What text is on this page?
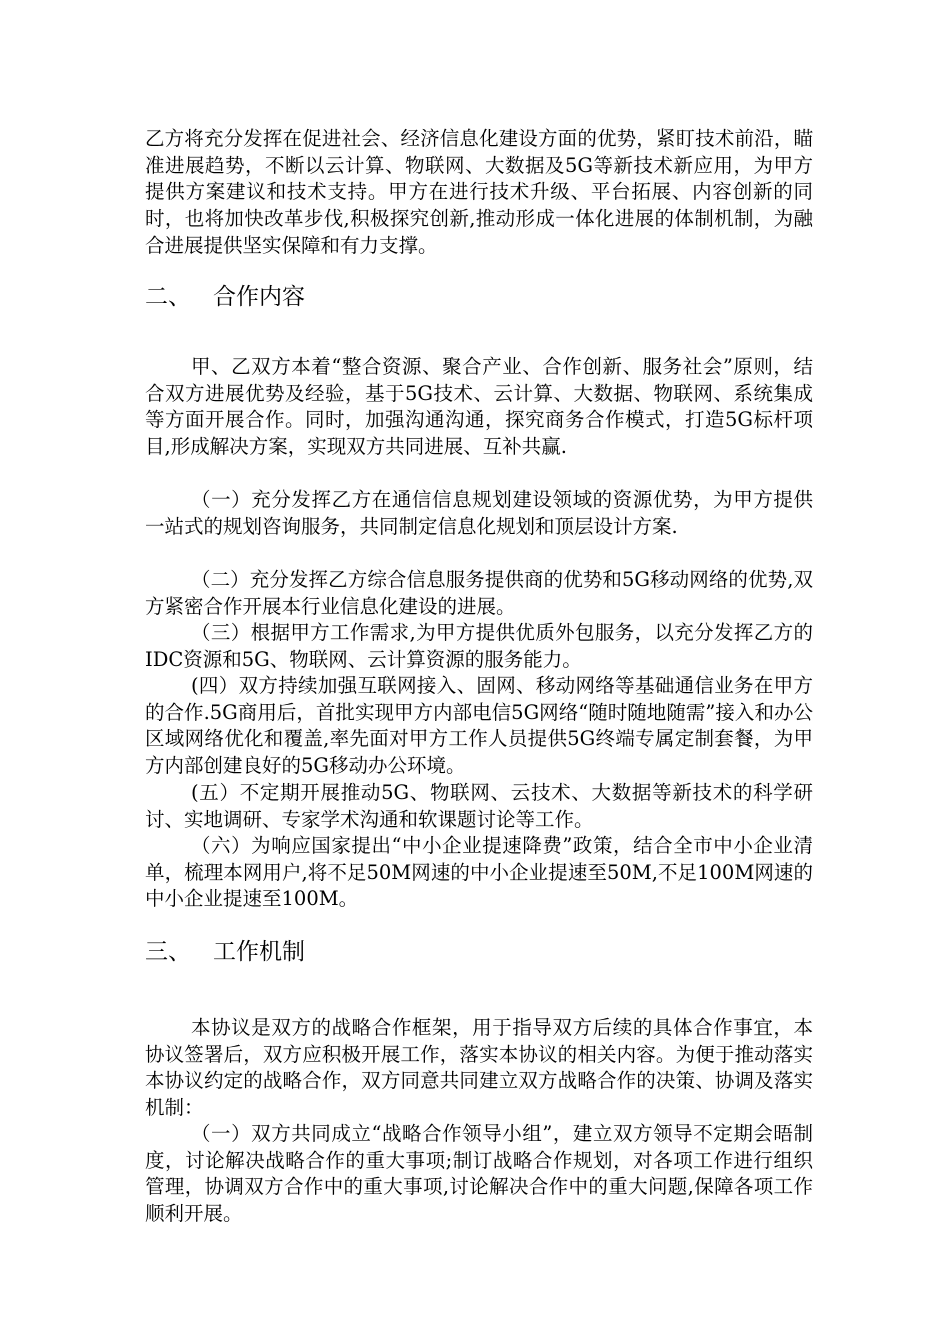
乙方将充分发挥在促进社会、经济信息化建设方面的优势，紧盯技术前沿，瞄准进展趋势，不断以云计算、物联网、大数据及5G等新技术新应用，为甲方提供方案建议和技术支持。甲方在进行技术升级、平台拓展、内容创新的同时，也将加快改革步伐,积极探究创新,推动形成一体化进展的体制机制，为融合进展提供坚实保障和有力支撑。

二、 合作内容

甲、乙双方本着“整合资源、聚合产业、合作创新、服务社会”原则，结合双方进展优势及经验，基于5G技术、云计算、大数据、物联网、系统集成等方面开展合作。同时，加强沟通沟通，探究商务合作模式，打造5G标杆项目,形成解决方案，实现双方共同进展、互补共赢.

（一）充分发挥乙方在通信信息规划建设领域的资源优势，为甲方提供一站式的规划咨询服务，共同制定信息化规划和顶层设计方案.

（二）充分发挥乙方综合信息服务提供商的优势和5G移动网络的优势,双方紧密合作开展本行业信息化建设的进展。

（三）根据甲方工作需求,为甲方提供优质外包服务，以充分发挥乙方的IDC资源和5G、物联网、云计算资源的服务能力。

(四）双方持续加强互联网接入、固网、移动网络等基础通信业务在甲方的合作.5G商用后，首批实现甲方内部电信5G网络“随时随地随需”接入和办公区域网络优化和覆盖,率先面对甲方工作人员提供5G终端专属定制套餐，为甲方内部创建良好的5G移动办公环境。

(五）不定期开展推动5G、物联网、云技术、大数据等新技术的科学研讨、实地调研、专家学术沟通和软课题讨论等工作。

（六）为响应国家提出“中小企业提速降费”政策，结合全市中小企业清单，梳理本网用户,将不足50M网速的中小企业提速至50M,不足100M网速的中小企业提速至100M。

三、 工作机制

本协议是双方的战略合作框架，用于指导双方后续的具体合作事宜，本协议签署后，双方应积极开展工作，落实本协议的相关内容。为便于推动落实本协议约定的战略合作，双方同意共同建立双方战略合作的决策、协调及落实机制：

（一）双方共同成立“战略合作领导小组”，建立双方领导不定期会晤制度，讨论解决战略合作的重大事项;制订战略合作规划，对各项工作进行组织管理，协调双方合作中的重大事项,讨论解决合作中的重大问题,保障各项工作顺利开展。
